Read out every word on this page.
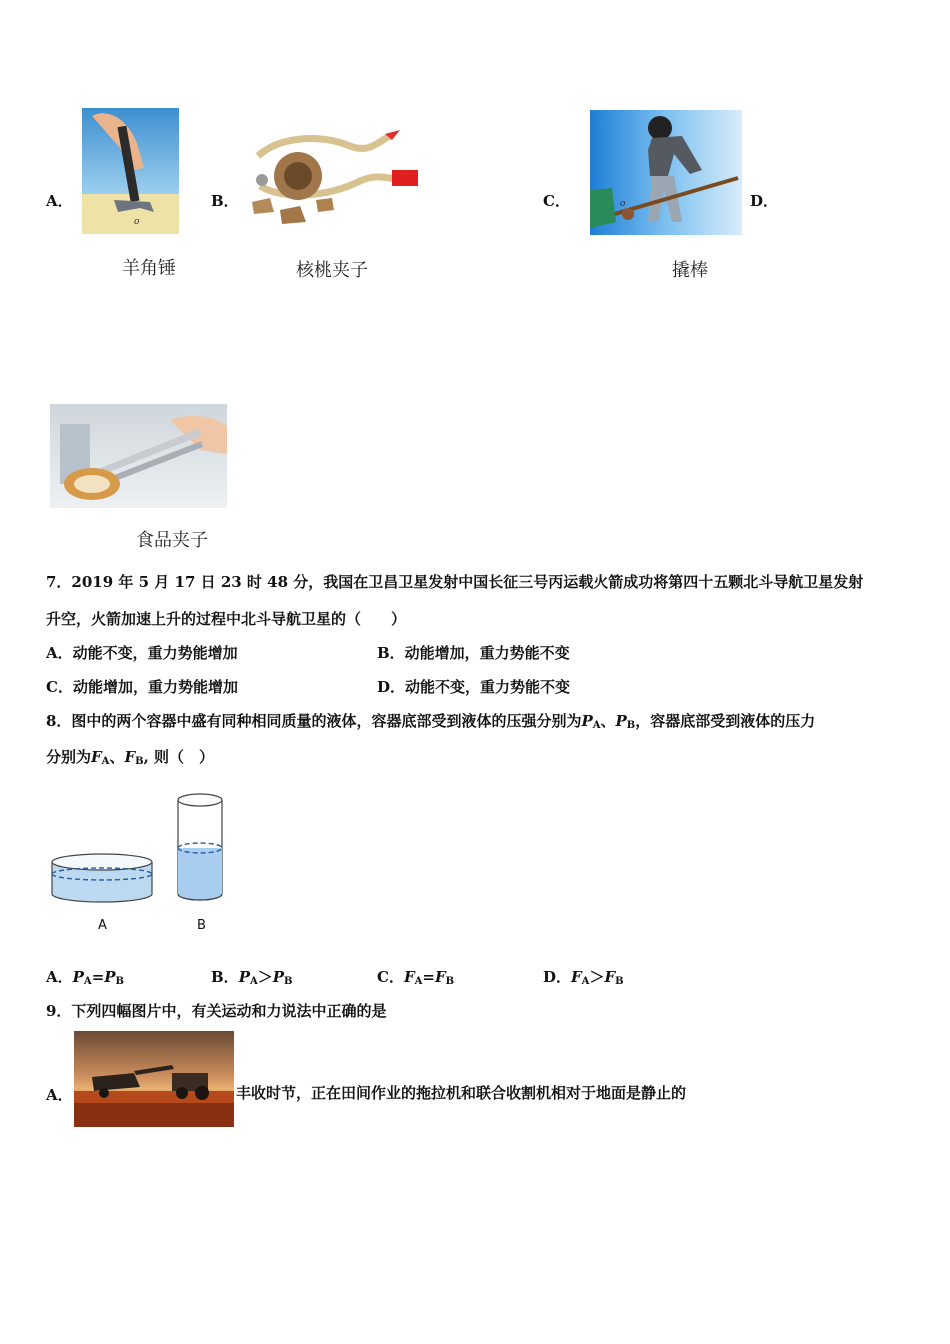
A．
o
羊角锤
B．
核桃夹子
C．	o	D．
撬棒
食品夹子
7．2019 年 5 月 17 日 23 时 48 分，我国在卫昌卫星发射中国长征三号丙运载火箭成功将第四十五颗北斗导航卫星发射
升空，火箭加速上升的过程中北斗导航卫星的（　　）
A．动能不变，重力势能增加	B．动能增加，重力势能不变
C．动能增加，重力势能增加	D．动能不变，重力势能不变
8．图中的两个容器中盛有同种相同质量的液体，容器底部受到液体的压强分别为$P_A$、$P_B$，容器底部受到液体的压力
分别为$F_A$、$F_B$, 则（　）
A	B
A．$P_A=P_B$	B．$P_A>P_B$	C．$F_A=F_B$	D．$F_A>F_B$
9．下列四幅图片中，有关运动和力说法中正确的是
A．	丰收时节，正在田间作业的拖拉机和联合收割机相对于地面是静止的
